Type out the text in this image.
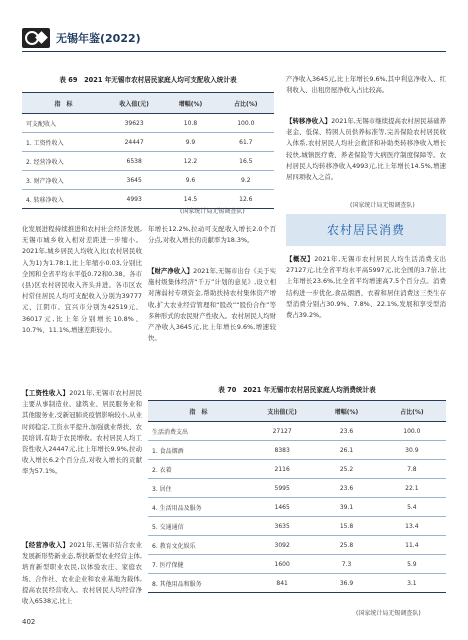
无锡年鉴(2022)
表 69　2021 年无锡市农村居民家庭人均可支配收入统计表
指　标	收入值(元)	增幅(%)	占比(%)
可支配收入	39623	10.8	100.0
1. 工资性收入	24447	9.9	61.7
2. 经营净收入	6538	12.2	16.5
3. 财产净收入	3645	9.6	9.2
4. 转移净收入	4993	14.5	12.6
(国家统计局无锡调查队)
化发展进程持续推进和农村社会经济发展,无锡市城乡收入相对差距进一步缩小。2021年,城乡居民人均收入比(农村居民收入为1)为1.78:1,比上年缩小0.03,分别比全国和全省平均水平低0.72和0.38。各市(县)区农村居民收入齐头并进。各市区农村常住居民人均可支配收入分别为39777元、江阴市、宜兴市分别为42519元、36017元,比上年分别增长10.8%、10.7%、11.1%,增速差距较小。
【工资性收入】2021年,无锡市农村居民主要从事制造业、建筑业、居民服务业和其他服务业,受新冠肺炎疫情影响较小,从业时间稳定,工资水平提升,加强就业帮扶、农民培训,有助于农民增收。农村居民人均工资性收入24447元,比上年增长9.9%,拉动收入增长6.2个百分点,对收入增长的贡献率为57.1%。
【经营净收入】2021年,无锡市结合农业发展新形势新业态,帮扶新型农业经营主体,培育新型职业农民,以体验农庄、家庭农场、合作社、农业企业和农业基地为载体,提高农民经营收入。农村居民人均经营净收入6538元,比上
年增长12.2%,拉动可支配收入增长2.0个百分点,对收入增长的贡献率为18.3%。
【财产净收入】2021年,无锡市出台《关于实施村级集体经济“千万”计划的意见》,设立相对薄弱村专项资金,帮助扶持农村集体资产增收,扩大农业经营管理和“股改”“股份合作”等多种形式的农民财产性收入。农村居民人均财产净收入3645元,比上年增长9.6%,增速较快。
产净收入3645元,比上年增长9.6%,其中利息净收入、红利收入、出租房屋净收入占比较高。
【转移净收入】2021年,无锡市继续提高农村居民基础养老金、低保、特困人员供养标准等,完善保险农村居民收入体系,农村居民人均社会救济和补助类转移净收入增长较快,城镇医疗费、养老保险等大病医疗制度保障等。农村居民人均转移净收入4993元,比上年增长14.5%,增速居四项收入之首。
(国家统计局无锡调查队)
农村居民消费
【概况】2021年,无锡市农村居民人均生活消费支出27127元,比全省平均水平高5997元,比全国的3.7倍,比上年增长23.6%,比全省平均增速高7.5个百分点。消费结构进一步优化,食品烟酒、衣着和居住消费这三类生存型消费分别占30.9%、7.8%、22.1%,发展和享受型消费占39.2%。
表 70　2021 年无锡市农村居民家庭人均消费统计表
指　标	支出值(元)	增幅(%)	占比(%)
生活消费支出	27127	23.6	100.0
1. 食品烟酒	8383	26.1	30.9
2. 衣着	2116	25.2	7.8
3. 居住	5995	23.6	22.1
4. 生活用品及服务	1465	39.1	5.4
5. 交通通信	3635	15.8	13.4
6. 教育文化娱乐	3092	25.8	11.4
7. 医疗保健	1600	7.3	5.9
8. 其他用品和服务	841	36.9	3.1
(国家统计局无锡调查队)
402
